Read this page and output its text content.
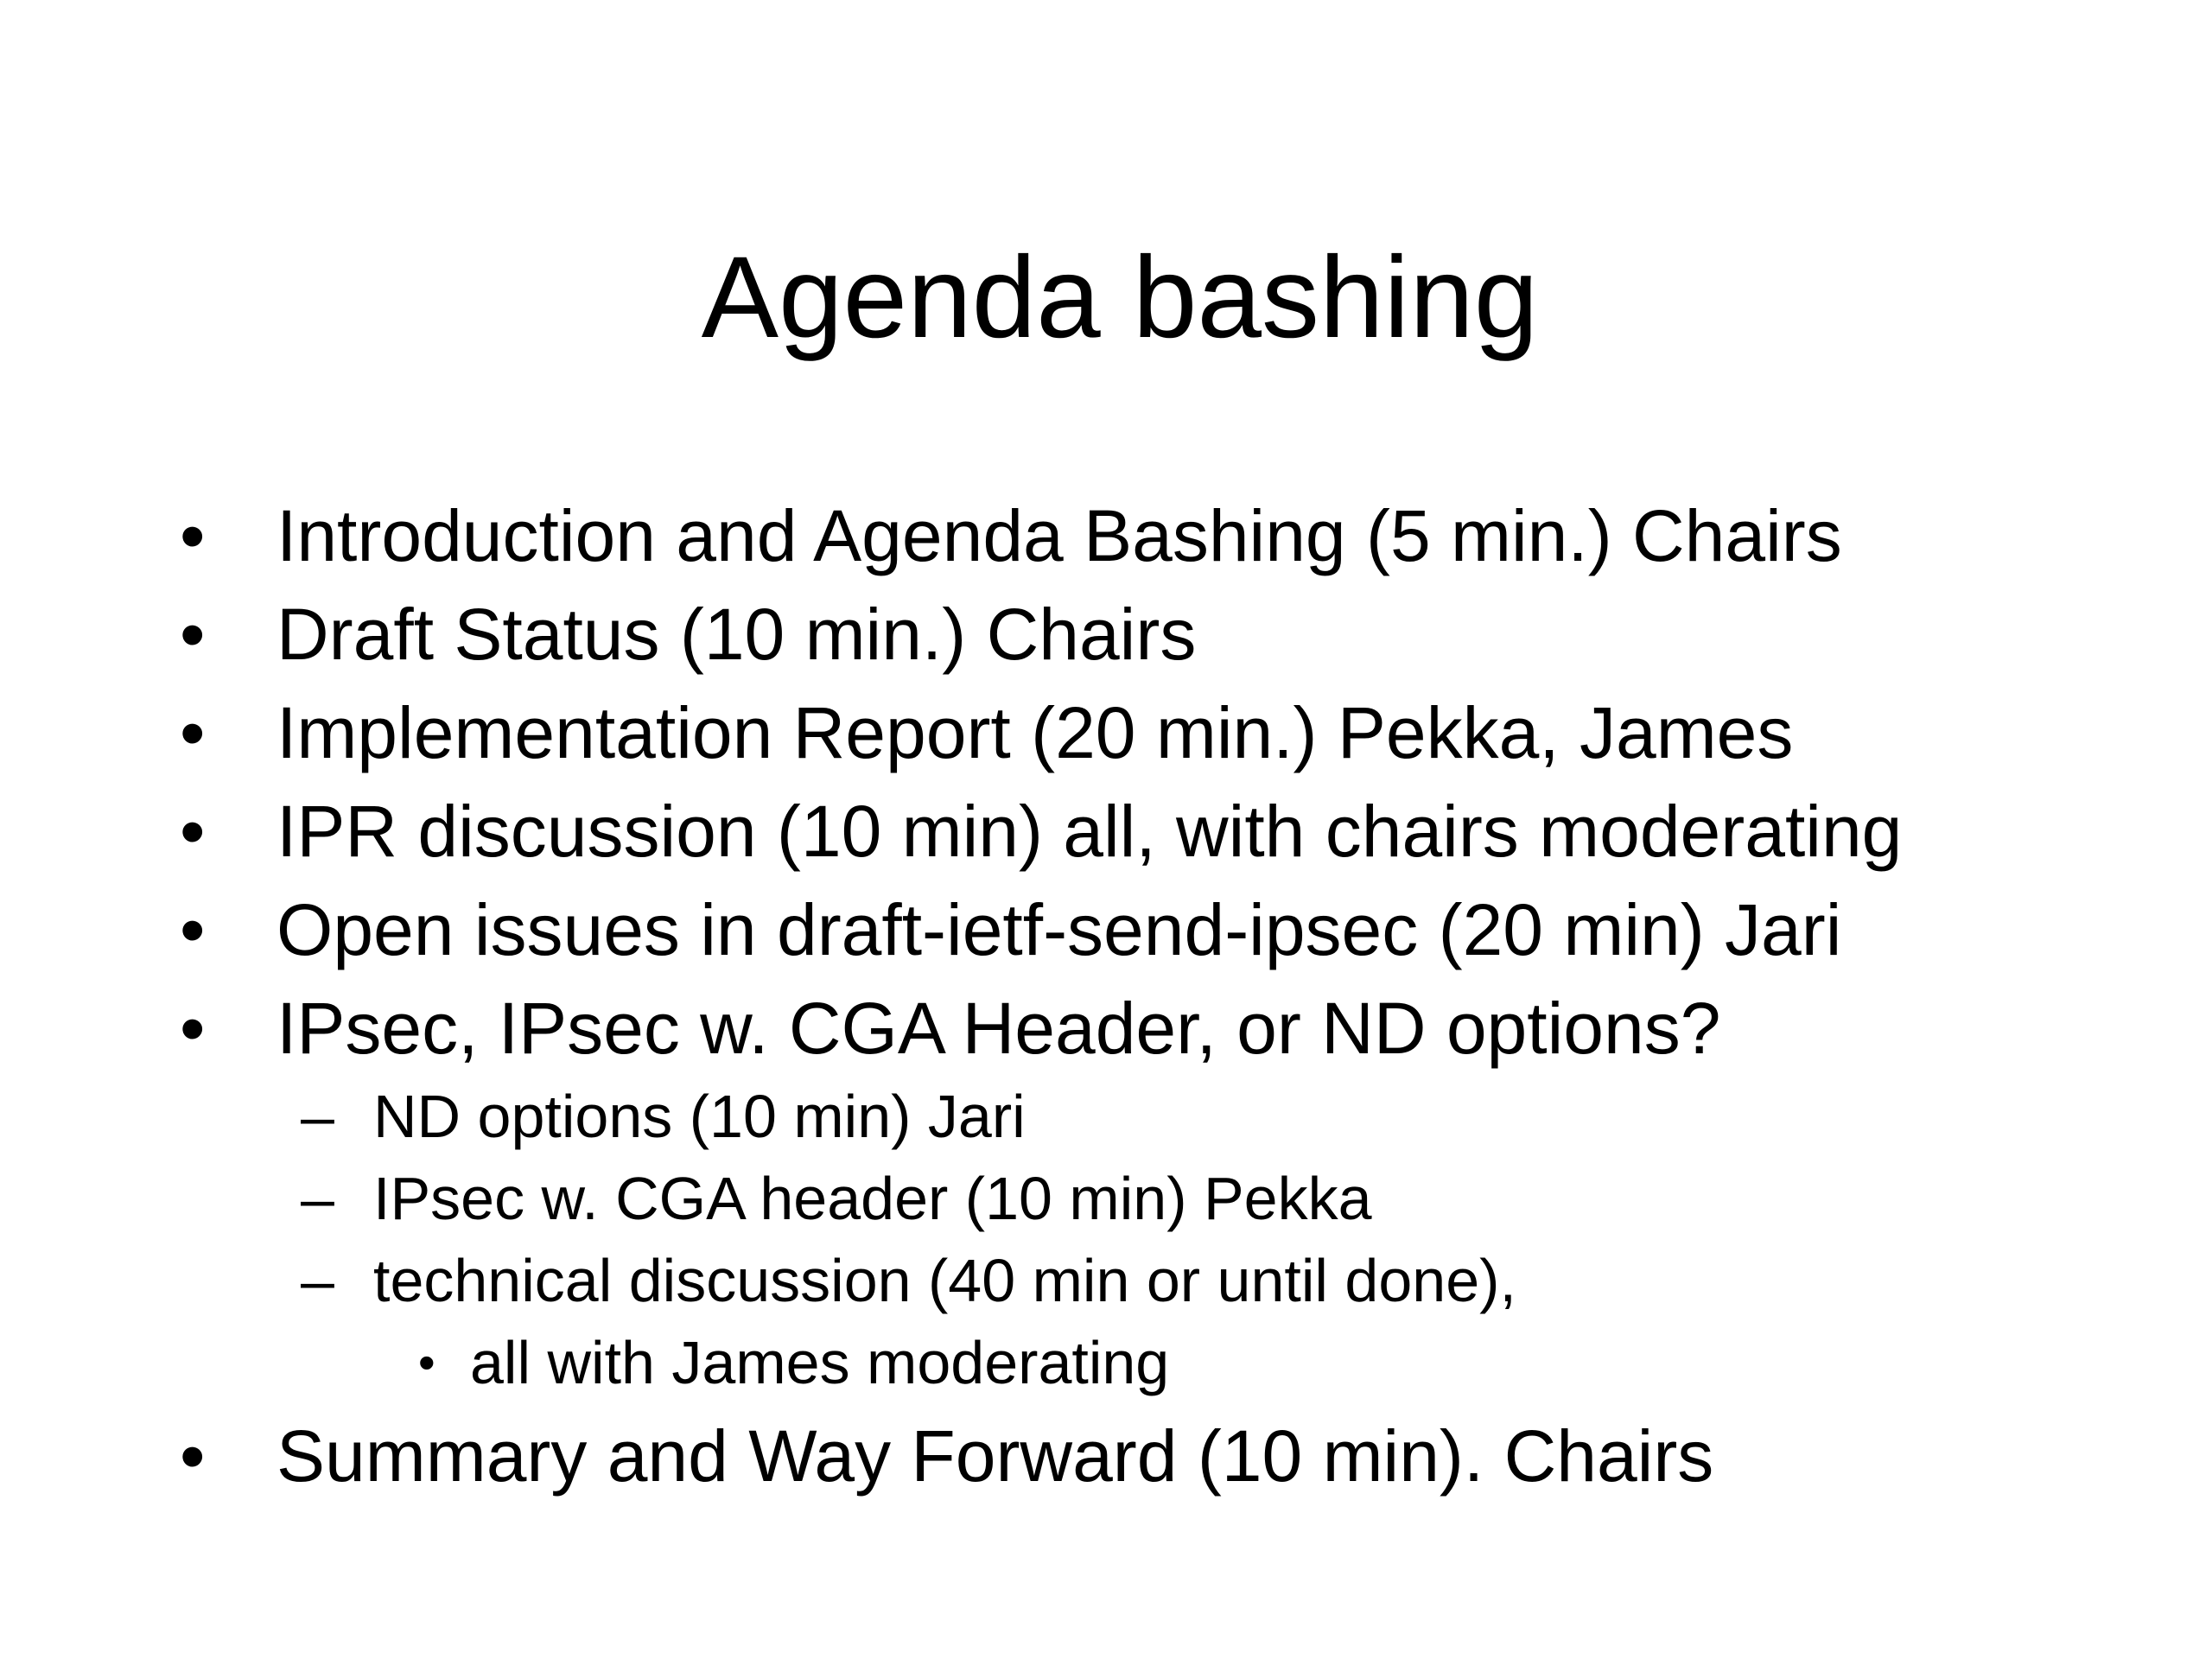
Agenda bashing
• Introduction and Agenda Bashing (5 min.) Chairs
• Draft Status (10 min.) Chairs
• Implementation Report (20 min.) Pekka, James
• IPR discussion (10 min) all, with chairs moderating
• Open issues in draft-ietf-send-ipsec (20 min) Jari
• IPsec, IPsec w. CGA Header, or ND options?
– ND options (10 min) Jari
– IPsec w. CGA header (10 min) Pekka
– technical discussion (40 min or until done),
• all with James moderating
• Summary and Way Forward (10 min). Chairs
